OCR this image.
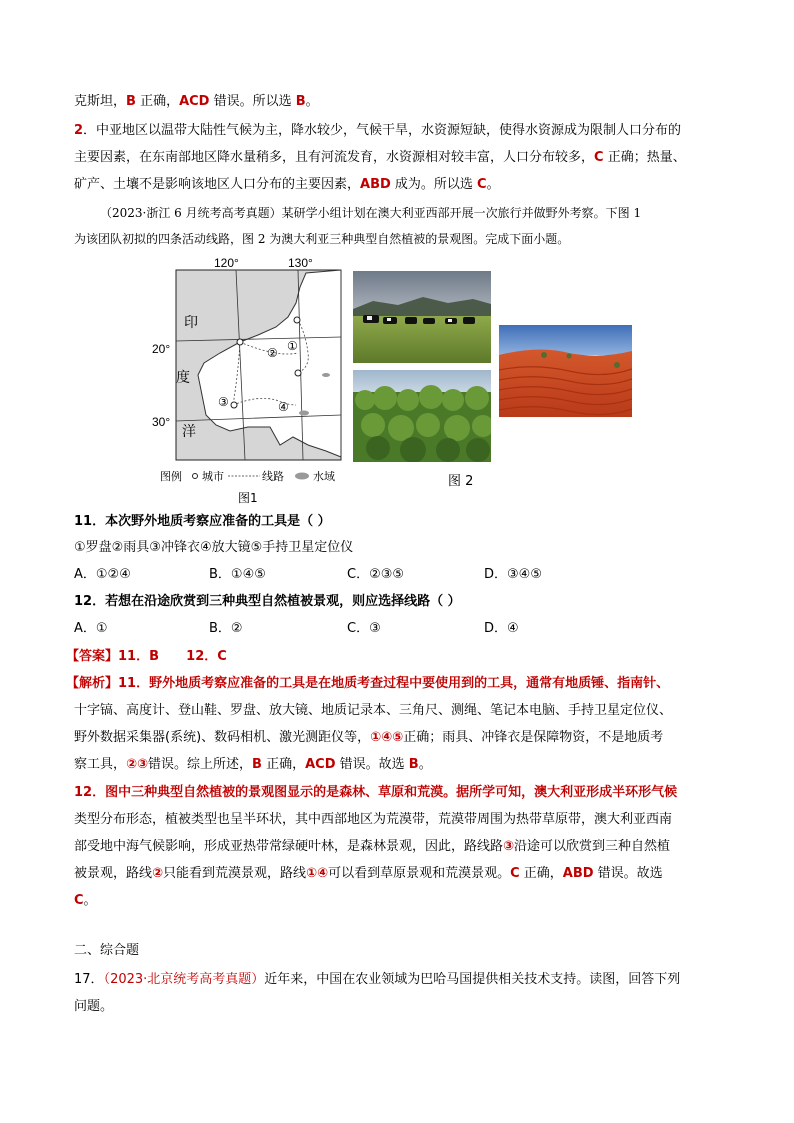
克斯坦，B 正确，ACD 错误。所以选 B。
2．中亚地区以温带大陆性气候为主，降水较少，气候干旱，水资源短缺，使得水资源成为限制人口分布的
主要因素，在东南部地区降水量稍多，且有河流发育，水资源相对较丰富，人口分布较多，C 正确；热量、
矿产、土壤不是影响该地区人口分布的主要因素，ABD 成为。所以选 C。
（2023·浙江 6 月统考高考真题）某研学小组计划在澳大利亚西部开展一次旅行并做野外考察。下图 1
为该团队初拟的四条活动线路，图 2 为澳大利亚三种典型自然植被的景观图。完成下面小题。
120°	130°
20°
30°
印
度
洋
①
②
③	④
图例 城市	线路	水域
图1
图 2
11．本次野外地质考察应准备的工具是（ ）
①罗盘②雨具③冲锋衣④放大镜⑤手持卫星定位仪
A．①②④	B．①④⑤	C．②③⑤	D．③④⑤
12．若想在沿途欣赏到三种典型自然植被景观，则应选择线路（ ）
A．①	B．②	C．③	D．④
【答案】11．B      12．C
【解析】11．野外地质考察应准备的工具是在地质考查过程中要使用到的工具，通常有地质锤、指南针、
十字镐、高度计、登山鞋、罗盘、放大镜、地质记录本、三角尺、测绳、笔记本电脑、手持卫星定位仪、
野外数据采集器(系统)、数码相机、激光测距仪等，①④⑤正确；雨具、冲锋衣是保障物资，不是地质考
察工具，②③错误。综上所述，B 正确，ACD 错误。故选 B。
12．图中三种典型自然植被的景观图显示的是森林、草原和荒漠。据所学可知，澳大利亚形成半环形气候
类型分布形态，植被类型也呈半环状，其中西部地区为荒漠带，荒漠带周围为热带草原带，澳大利亚西南
部受地中海气候影响，形成亚热带常绿硬叶林，是森林景观，因此，路线路③沿途可以欣赏到三种自然植
被景观，路线②只能看到荒漠景观，路线①④可以看到草原景观和荒漠景观。C 正确，ABD 错误。故选
C。
二、综合题
17．（2023·北京统考高考真题）近年来，中国在农业领域为巴哈马国提供相关技术支持。读图，回答下列
问题。
